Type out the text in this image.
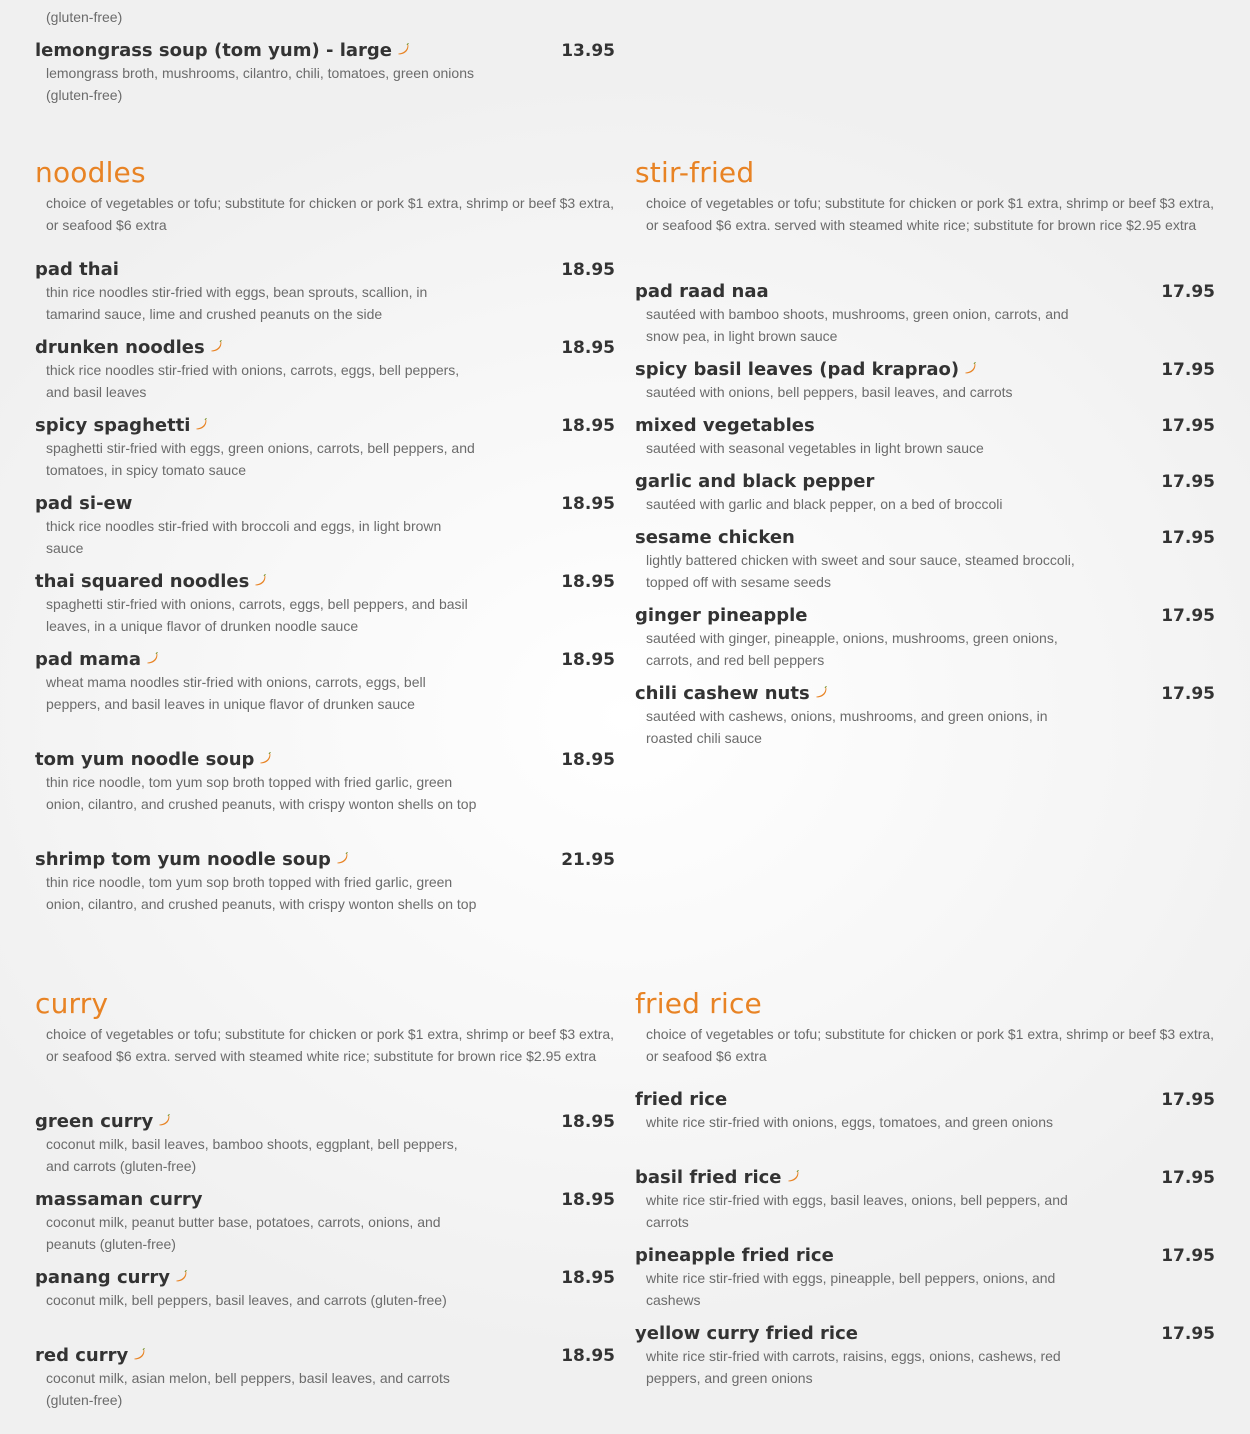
(gluten-free)
lemongrass soup (tom yum) - large	13.95
lemongrass broth, mushrooms, cilantro, chili, tomatoes, green onions (gluten-free)
noodles
choice of vegetables or tofu; substitute for chicken or pork $1 extra, shrimp or beef $3 extra, or seafood $6 extra
pad thai	18.95
thin rice noodles stir-fried with eggs, bean sprouts, scallion, in tamarind sauce, lime and crushed peanuts on the side
drunken noodles	18.95
thick rice noodles stir-fried with onions, carrots, eggs, bell peppers, and basil leaves
spicy spaghetti	18.95
spaghetti stir-fried with eggs, green onions, carrots, bell peppers, and tomatoes, in spicy tomato sauce
pad si-ew	18.95
thick rice noodles stir-fried with broccoli and eggs, in light brown sauce
thai squared noodles	18.95
spaghetti stir-fried with onions, carrots, eggs, bell peppers, and basil leaves, in a unique flavor of drunken noodle sauce
pad mama	18.95
wheat mama noodles stir-fried with onions, carrots, eggs, bell peppers, and basil leaves in unique flavor of drunken sauce
tom yum noodle soup	18.95
thin rice noodle, tom yum sop broth topped with fried garlic, green onion, cilantro, and crushed peanuts, with crispy wonton shells on top
shrimp tom yum noodle soup	21.95
thin rice noodle, tom yum sop broth topped with fried garlic, green onion, cilantro, and crushed peanuts, with crispy wonton shells on top
curry
choice of vegetables or tofu; substitute for chicken or pork $1 extra, shrimp or beef $3 extra, or seafood $6 extra. served with steamed white rice; substitute for brown rice $2.95 extra
green curry	18.95
coconut milk, basil leaves, bamboo shoots, eggplant, bell peppers, and carrots (gluten-free)
massaman curry	18.95
coconut milk, peanut butter base, potatoes, carrots, onions, and peanuts (gluten-free)
panang curry	18.95
coconut milk, bell peppers, basil leaves, and carrots (gluten-free)
red curry	18.95
coconut milk, asian melon, bell peppers, basil leaves, and carrots (gluten-free)
stir-fried
choice of vegetables or tofu; substitute for chicken or pork $1 extra, shrimp or beef $3 extra, or seafood $6 extra. served with steamed white rice; substitute for brown rice $2.95 extra
pad raad naa	17.95
sautéed with bamboo shoots, mushrooms, green onion, carrots, and snow pea, in light brown sauce
spicy basil leaves (pad kraprao)	17.95
sautéed with onions, bell peppers, basil leaves, and carrots
mixed vegetables	17.95
sautéed with seasonal vegetables in light brown sauce
garlic and black pepper	17.95
sautéed with garlic and black pepper, on a bed of broccoli
sesame chicken	17.95
lightly battered chicken with sweet and sour sauce, steamed broccoli, topped off with sesame seeds
ginger pineapple	17.95
sautéed with ginger, pineapple, onions, mushrooms, green onions, carrots, and red bell peppers
chili cashew nuts	17.95
sautéed with cashews, onions, mushrooms, and green onions, in roasted chili sauce
fried rice
choice of vegetables or tofu; substitute for chicken or pork $1 extra, shrimp or beef $3 extra, or seafood $6 extra
fried rice	17.95
white rice stir-fried with onions, eggs, tomatoes, and green onions
basil fried rice	17.95
white rice stir-fried with eggs, basil leaves, onions, bell peppers, and carrots
pineapple fried rice	17.95
white rice stir-fried with eggs, pineapple, bell peppers, onions, and cashews
yellow curry fried rice	17.95
white rice stir-fried with carrots, raisins, eggs, onions, cashews, red peppers, and green onions
